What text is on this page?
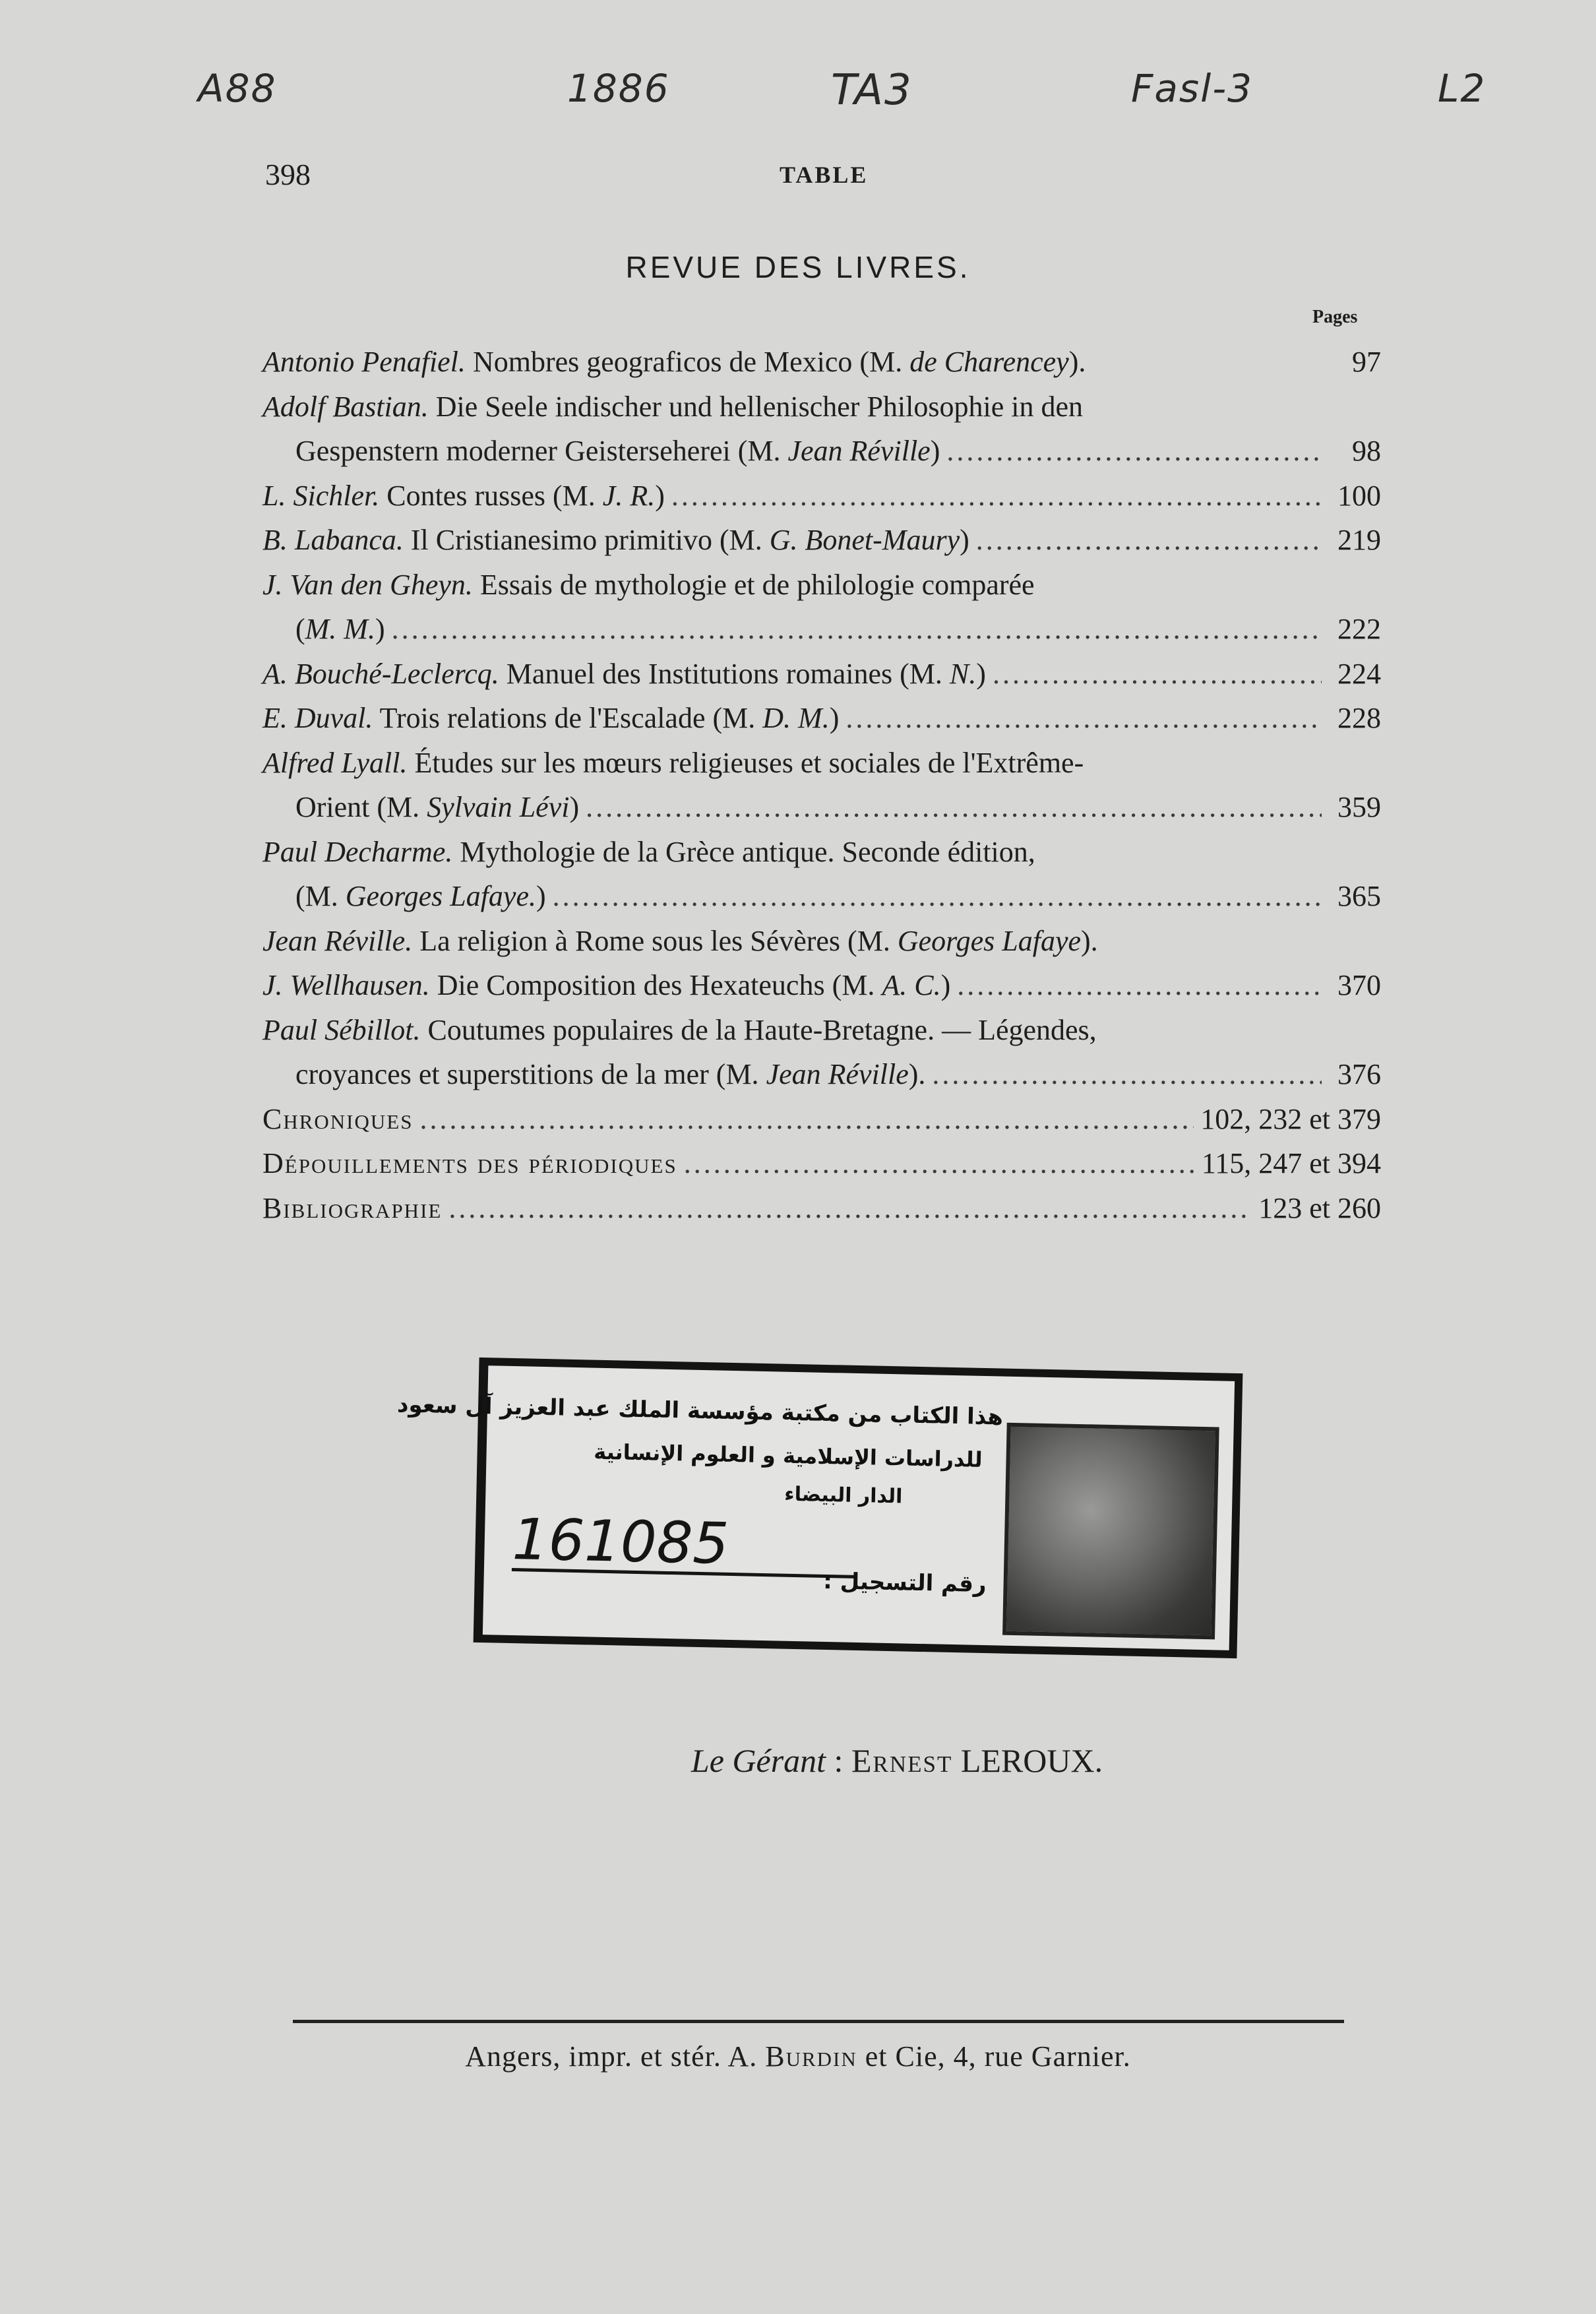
A88	1886	TA3	Fasl-3	L2
398	TABLE
REVUE DES LIVRES.
Pages
Antonio Penafiel. Nombres geograficos de Mexico (M. de Charencey).	97
Adolf Bastian. Die Seele indischer und hellenischer Philosophie in den
Gespenstern moderner Geisterseherei (M. Jean Réville) .....	98
L. Sichler. Contes russes (M. J. R.) .....	100
B. Labanca. Il Cristianesimo primitivo (M. G. Bonet-Maury) .....	219
J. Van den Gheyn. Essais de mythologie et de philologie comparée
(M. M.) .....	222
A. Bouché-Leclercq. Manuel des Institutions romaines (M. N.) .....	224
E. Duval. Trois relations de l'Escalade (M. D. M.) .....	228
Alfred Lyall. Études sur les mœurs religieuses et sociales de l'Extrême-
Orient (M. Sylvain Lévi) .....	359
Paul Decharme. Mythologie de la Grèce antique. Seconde édition,
(M. Georges Lafaye.) .....	365
Jean Réville. La religion à Rome sous les Sévères (M. Georges Lafaye).
J. Wellhausen. Die Composition des Hexateuchs (M. A. C.) .....	370
Paul Sébillot. Coutumes populaires de la Haute-Bretagne. — Légendes,
croyances et superstitions de la mer (M. Jean Réville). .....	376
Chroniques .....	102, 232 et 379
Dépouillements des périodiques .....	115, 247 et 394
Bibliographie .....	123 et 260
هذا الكتاب من مكتبة مؤسسة الملك عبد العزيز آل سعود
للدراسات الإسلامية و العلوم الإنسانية
الدار البيضاء
161085
رقم التسجيل :
Le Gérant : Ernest LEROUX.
Angers, impr. et stér. A. Burdin et Cie, 4, rue Garnier.
